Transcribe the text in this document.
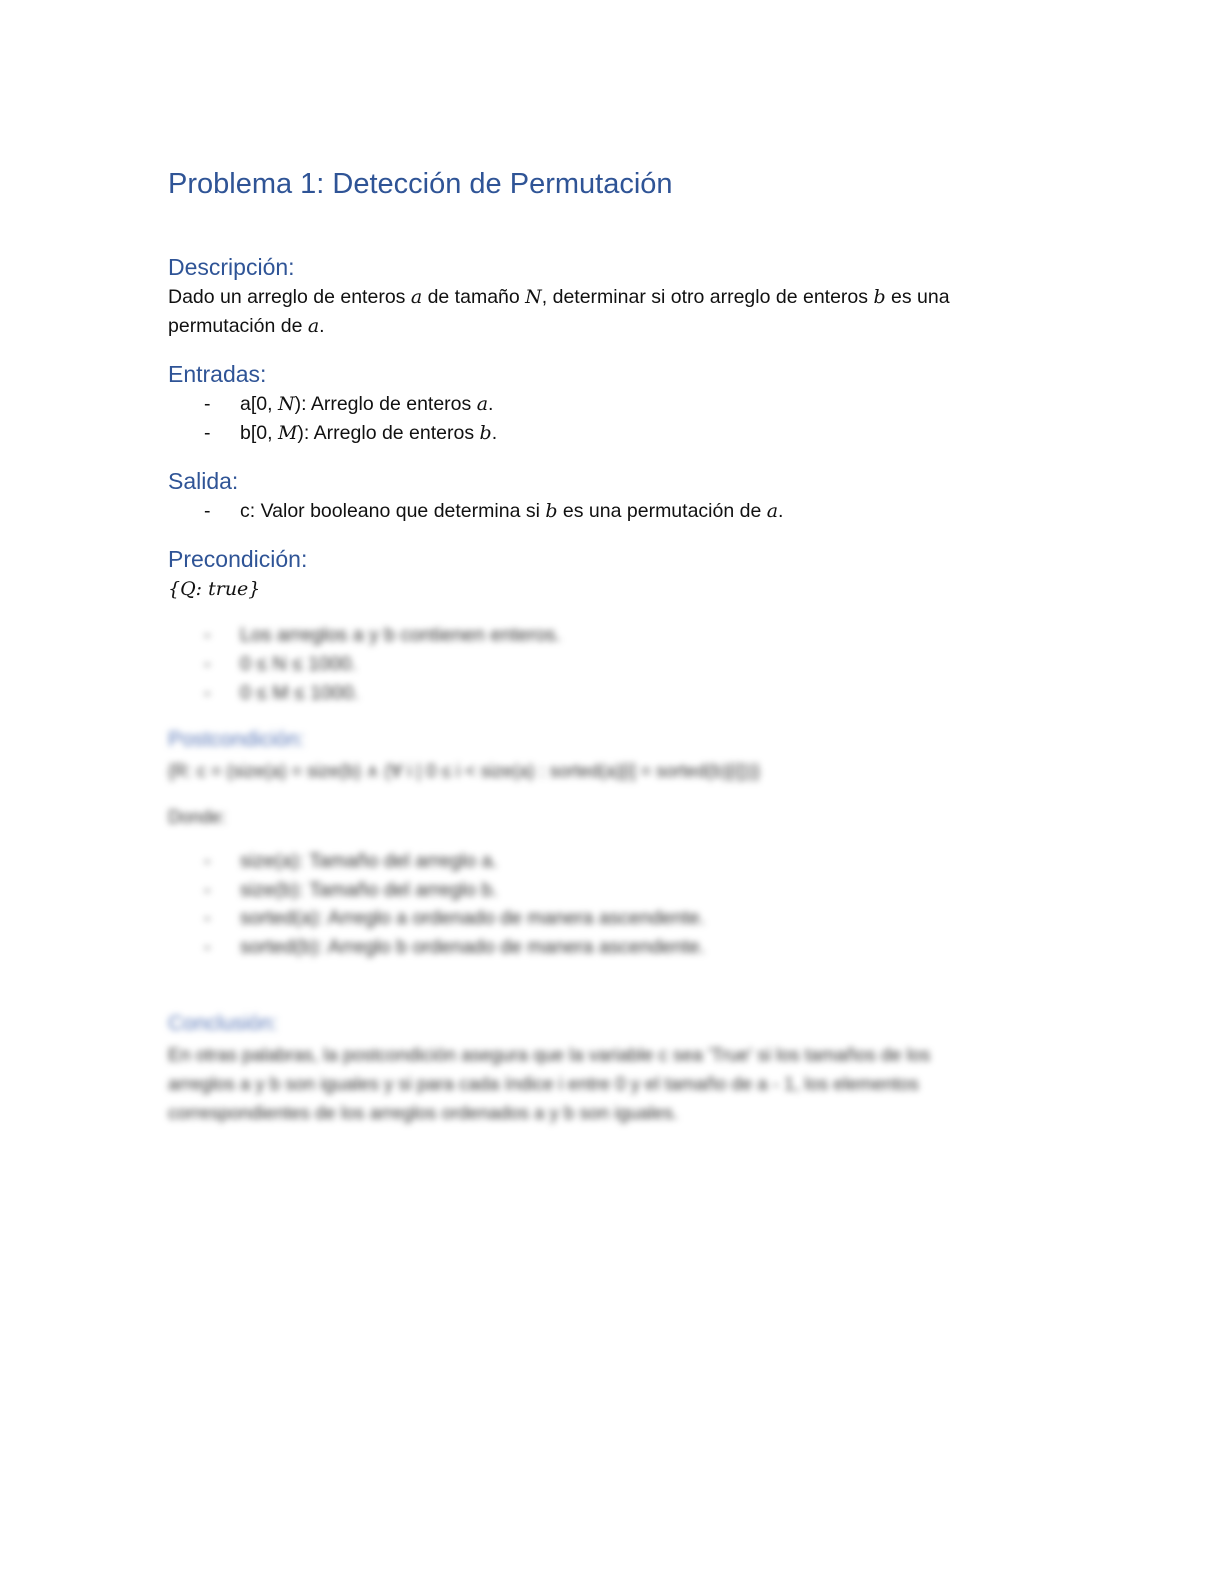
Problema 1: Detección de Permutación
Descripción:

Dado un arreglo de enteros a de tamaño N, determinar si otro arreglo de enteros b es una
permutación de a.

Entradas:
- a[0, N): Arreglo de enteros a.
- b[0, M): Arreglo de enteros b.
Salida:
- c: Valor booleano que determina si b es una permutación de a.
Precondición:

{Q: true}

- Los arreglos a y b contienen enteros.
- 0 ≤ N ≤ 1000.
- 0 ≤ M ≤ 1000.
Postcondición:

{R: c = (size(a) = size(b) ∧ (∀ i | 0 ≤ i < size(a) : sorted(a)[i] = sorted(b)[i]))}

Donde:

- size(a): Tamaño del arreglo a.
- size(b): Tamaño del arreglo b.
- sorted(a): Arreglo a ordenado de manera ascendente.
- sorted(b): Arreglo b ordenado de manera ascendente.
Conclusión:

En otras palabras, la postcondición asegura que la variable c sea 'True' si los tamaños de los

arreglos a y b son iguales y si para cada índice i entre 0 y el tamaño de a - 1, los elementos

correspondientes de los arreglos ordenados a y b son iguales.
